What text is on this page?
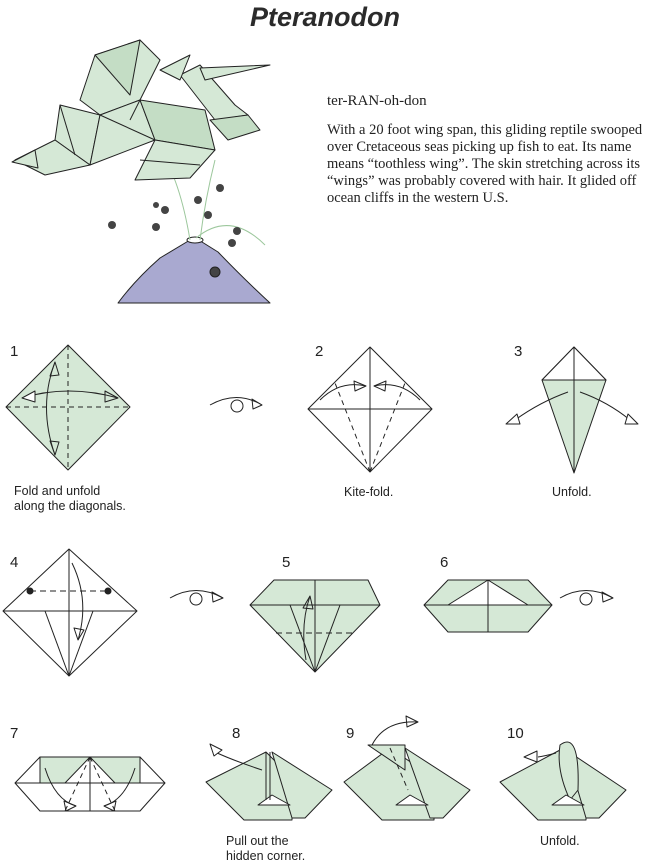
Pteranodon
ter-RAN-oh-don
With a 20 foot wing span, this gliding reptile swooped over Cretaceous seas picking up fish to eat. Its name means “toothless wing”. The skin stretching across its “wings” was probably covered with hair. It glided off ocean cliffs in the western U.S.
1	2	3
4	5	6
7	8	9	10
Fold and unfold
along the diagonals.
Kite-fold.	Unfold.
Pull out the
hidden corner.
Unfold.
